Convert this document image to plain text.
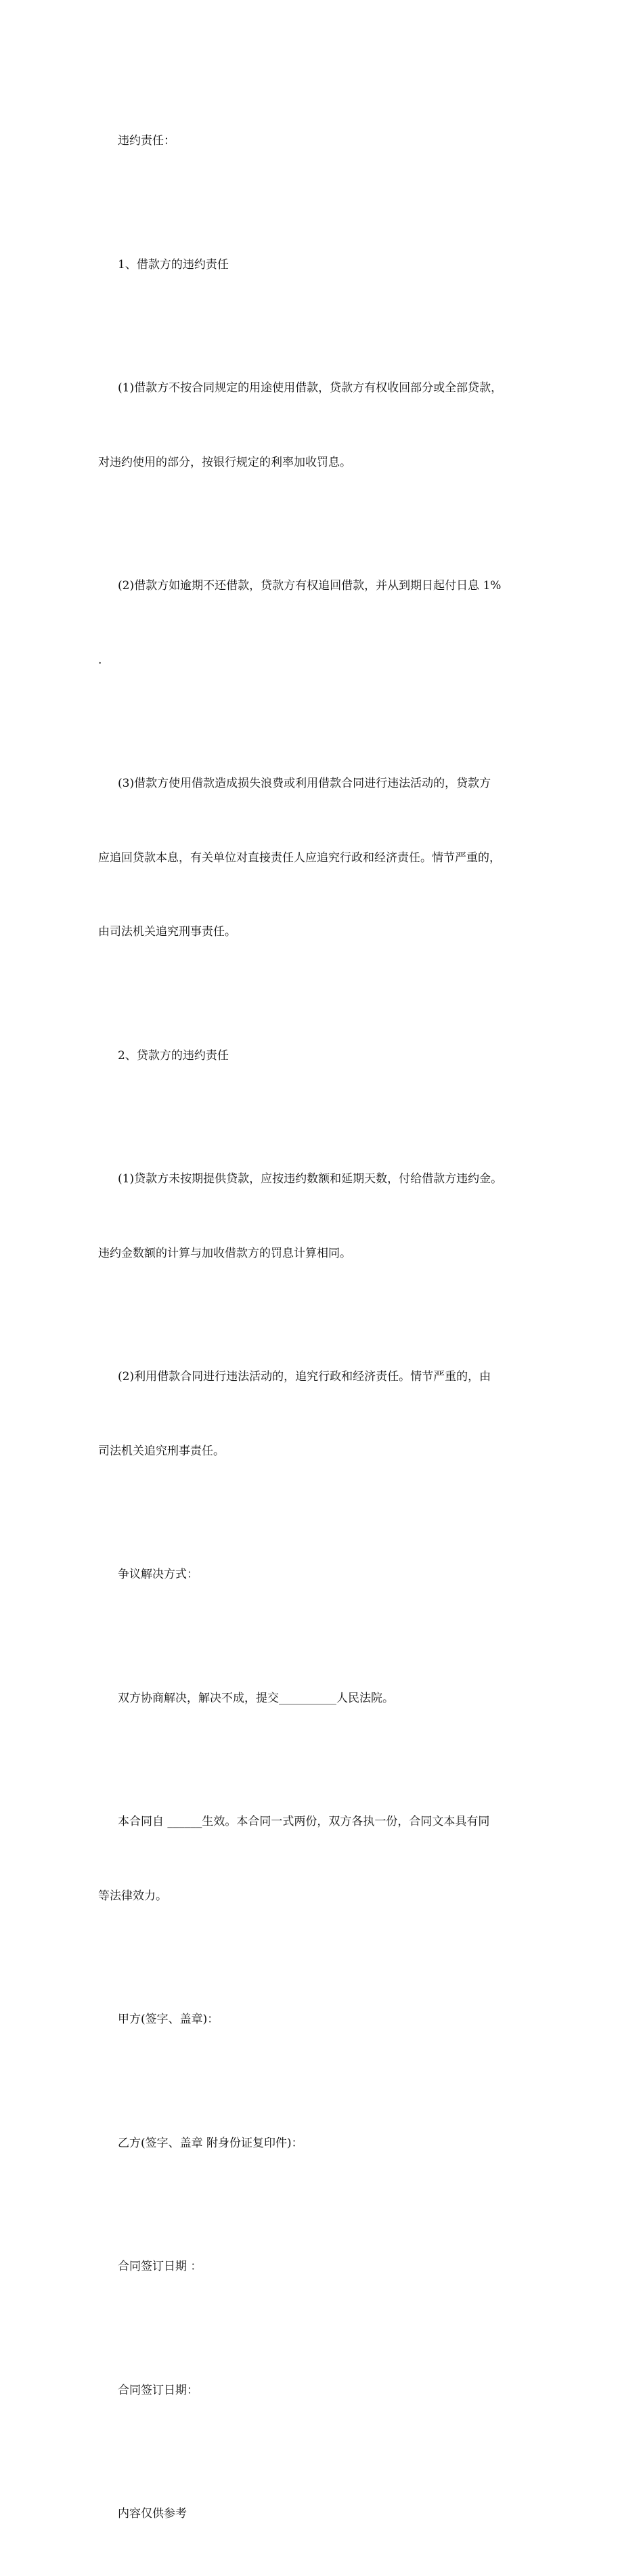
违约责任：

1、借款方的违约责任

(1)借款方不按合同规定的用途使用借款，贷款方有权收回部分或全部贷款，

对违约使用的部分，按银行规定的利率加收罚息。

(2)借款方如逾期不还借款，贷款方有权追回借款，并从到期日起付日息 1%

.

(3)借款方使用借款造成损失浪费或利用借款合同进行违法活动的，贷款方

应追回贷款本息，有关单位对直接责任人应追究行政和经济责任。情节严重的，

由司法机关追究刑事责任。

2、贷款方的违约责任

(1)贷款方未按期提供贷款，应按违约数额和延期天数，付给借款方违约金。

违约金数额的计算与加收借款方的罚息计算相同。

(2)利用借款合同进行违法活动的，追究行政和经济责任。情节严重的，由

司法机关追究刑事责任。

争议解决方式：

双方协商解决，解决不成，提交__________人民法院。

本合同自 ______生效。本合同一式两份，双方各执一份，合同文本具有同

等法律效力。

甲方(签字、盖章)：

乙方(签字、盖章 附身份证复印件)：

合同签订日期 ：

合同签订日期：

内容仅供参考
